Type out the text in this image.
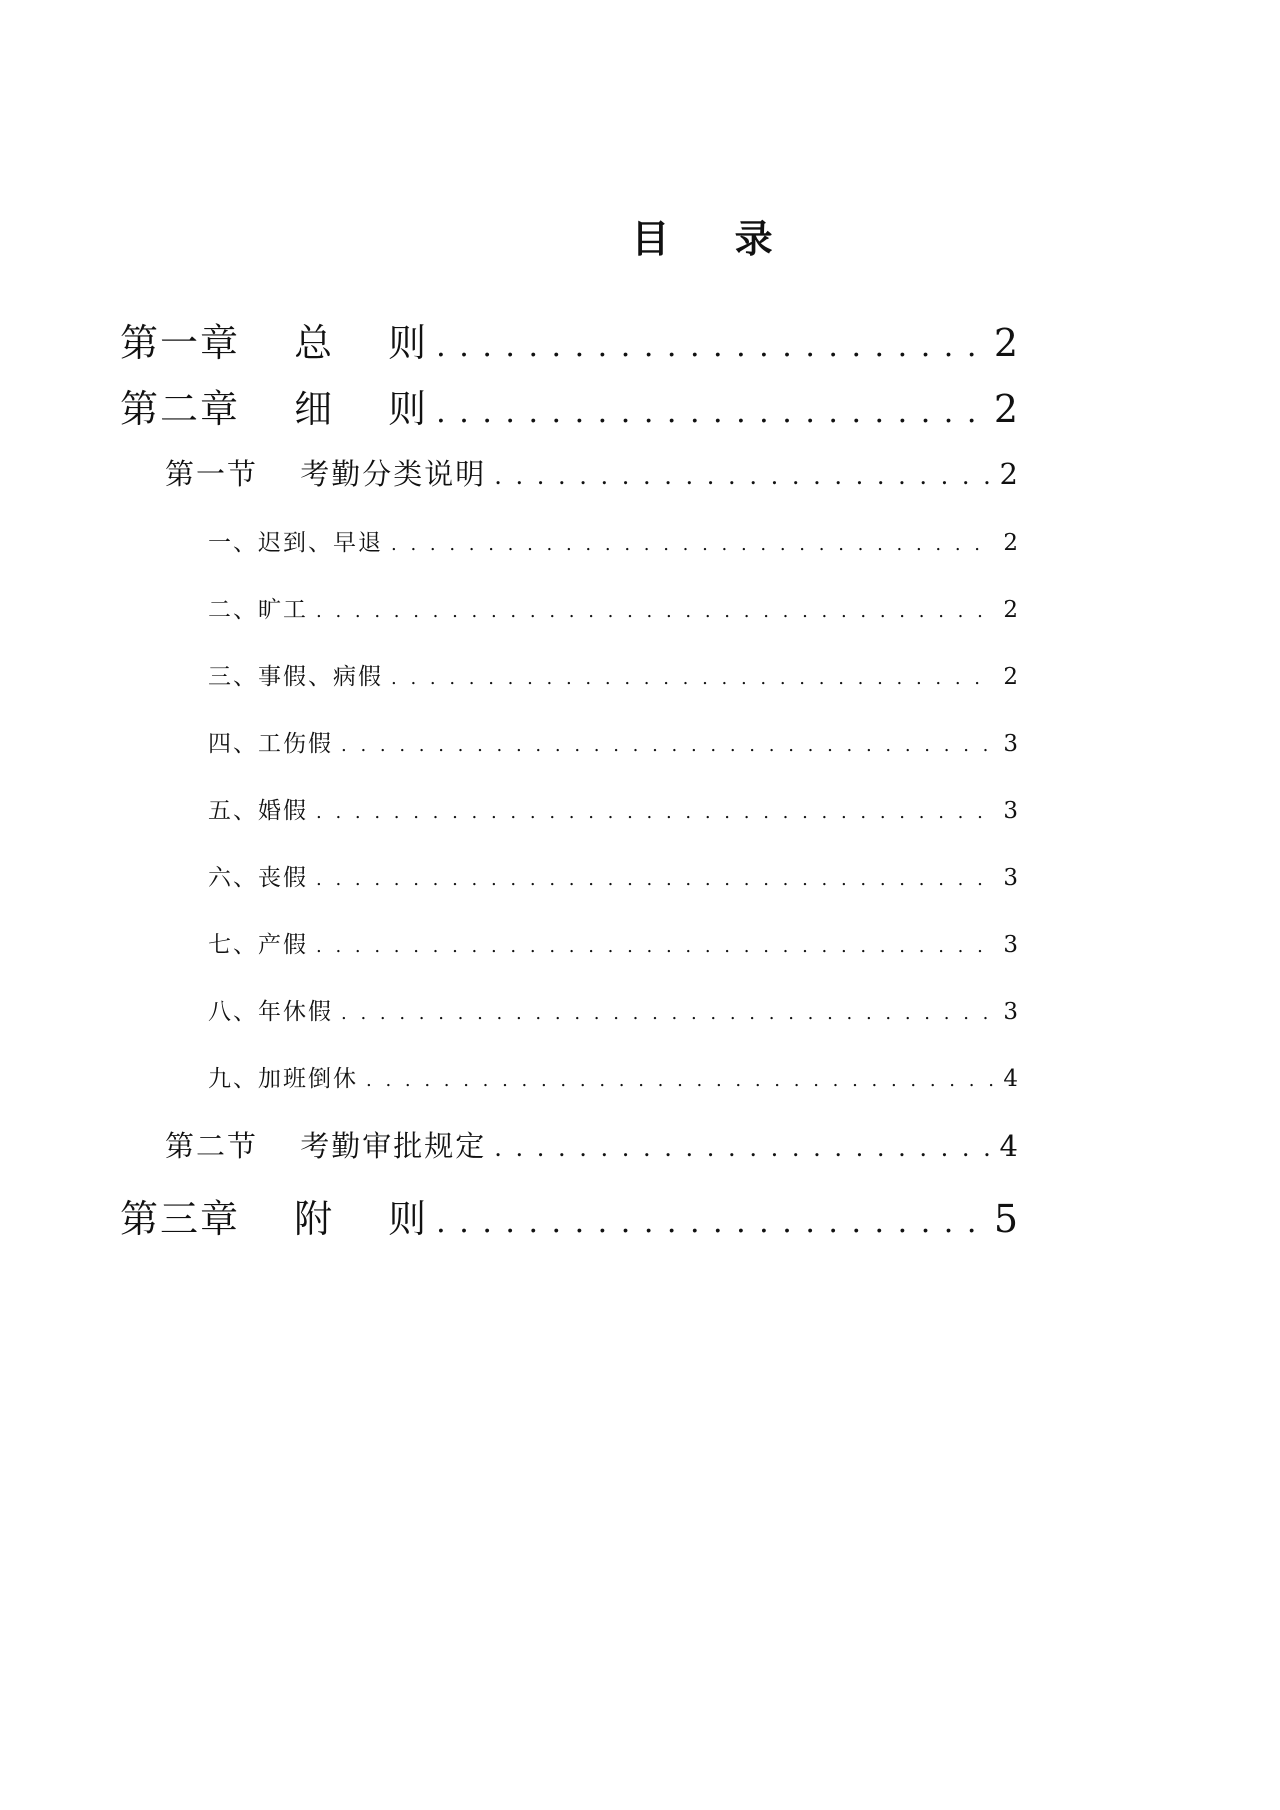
目 录
第一章　 总　 则 . . .	2
第二章　 细　 则 . . .	2
第一节　 考勤分类说明 . . .	2
一、迟到、早退 . . .	2
二、旷工 . . .	2
三、事假、病假 . . .	2
四、工伤假 . . .	3
五、婚假 . . .	3
六、丧假 . . .	3
七、产假 . . .	3
八、年休假 . . .	3
九、加班倒休 . . .	4
第二节　 考勤审批规定 . . .	4
第三章　 附　 则 . . .	5
